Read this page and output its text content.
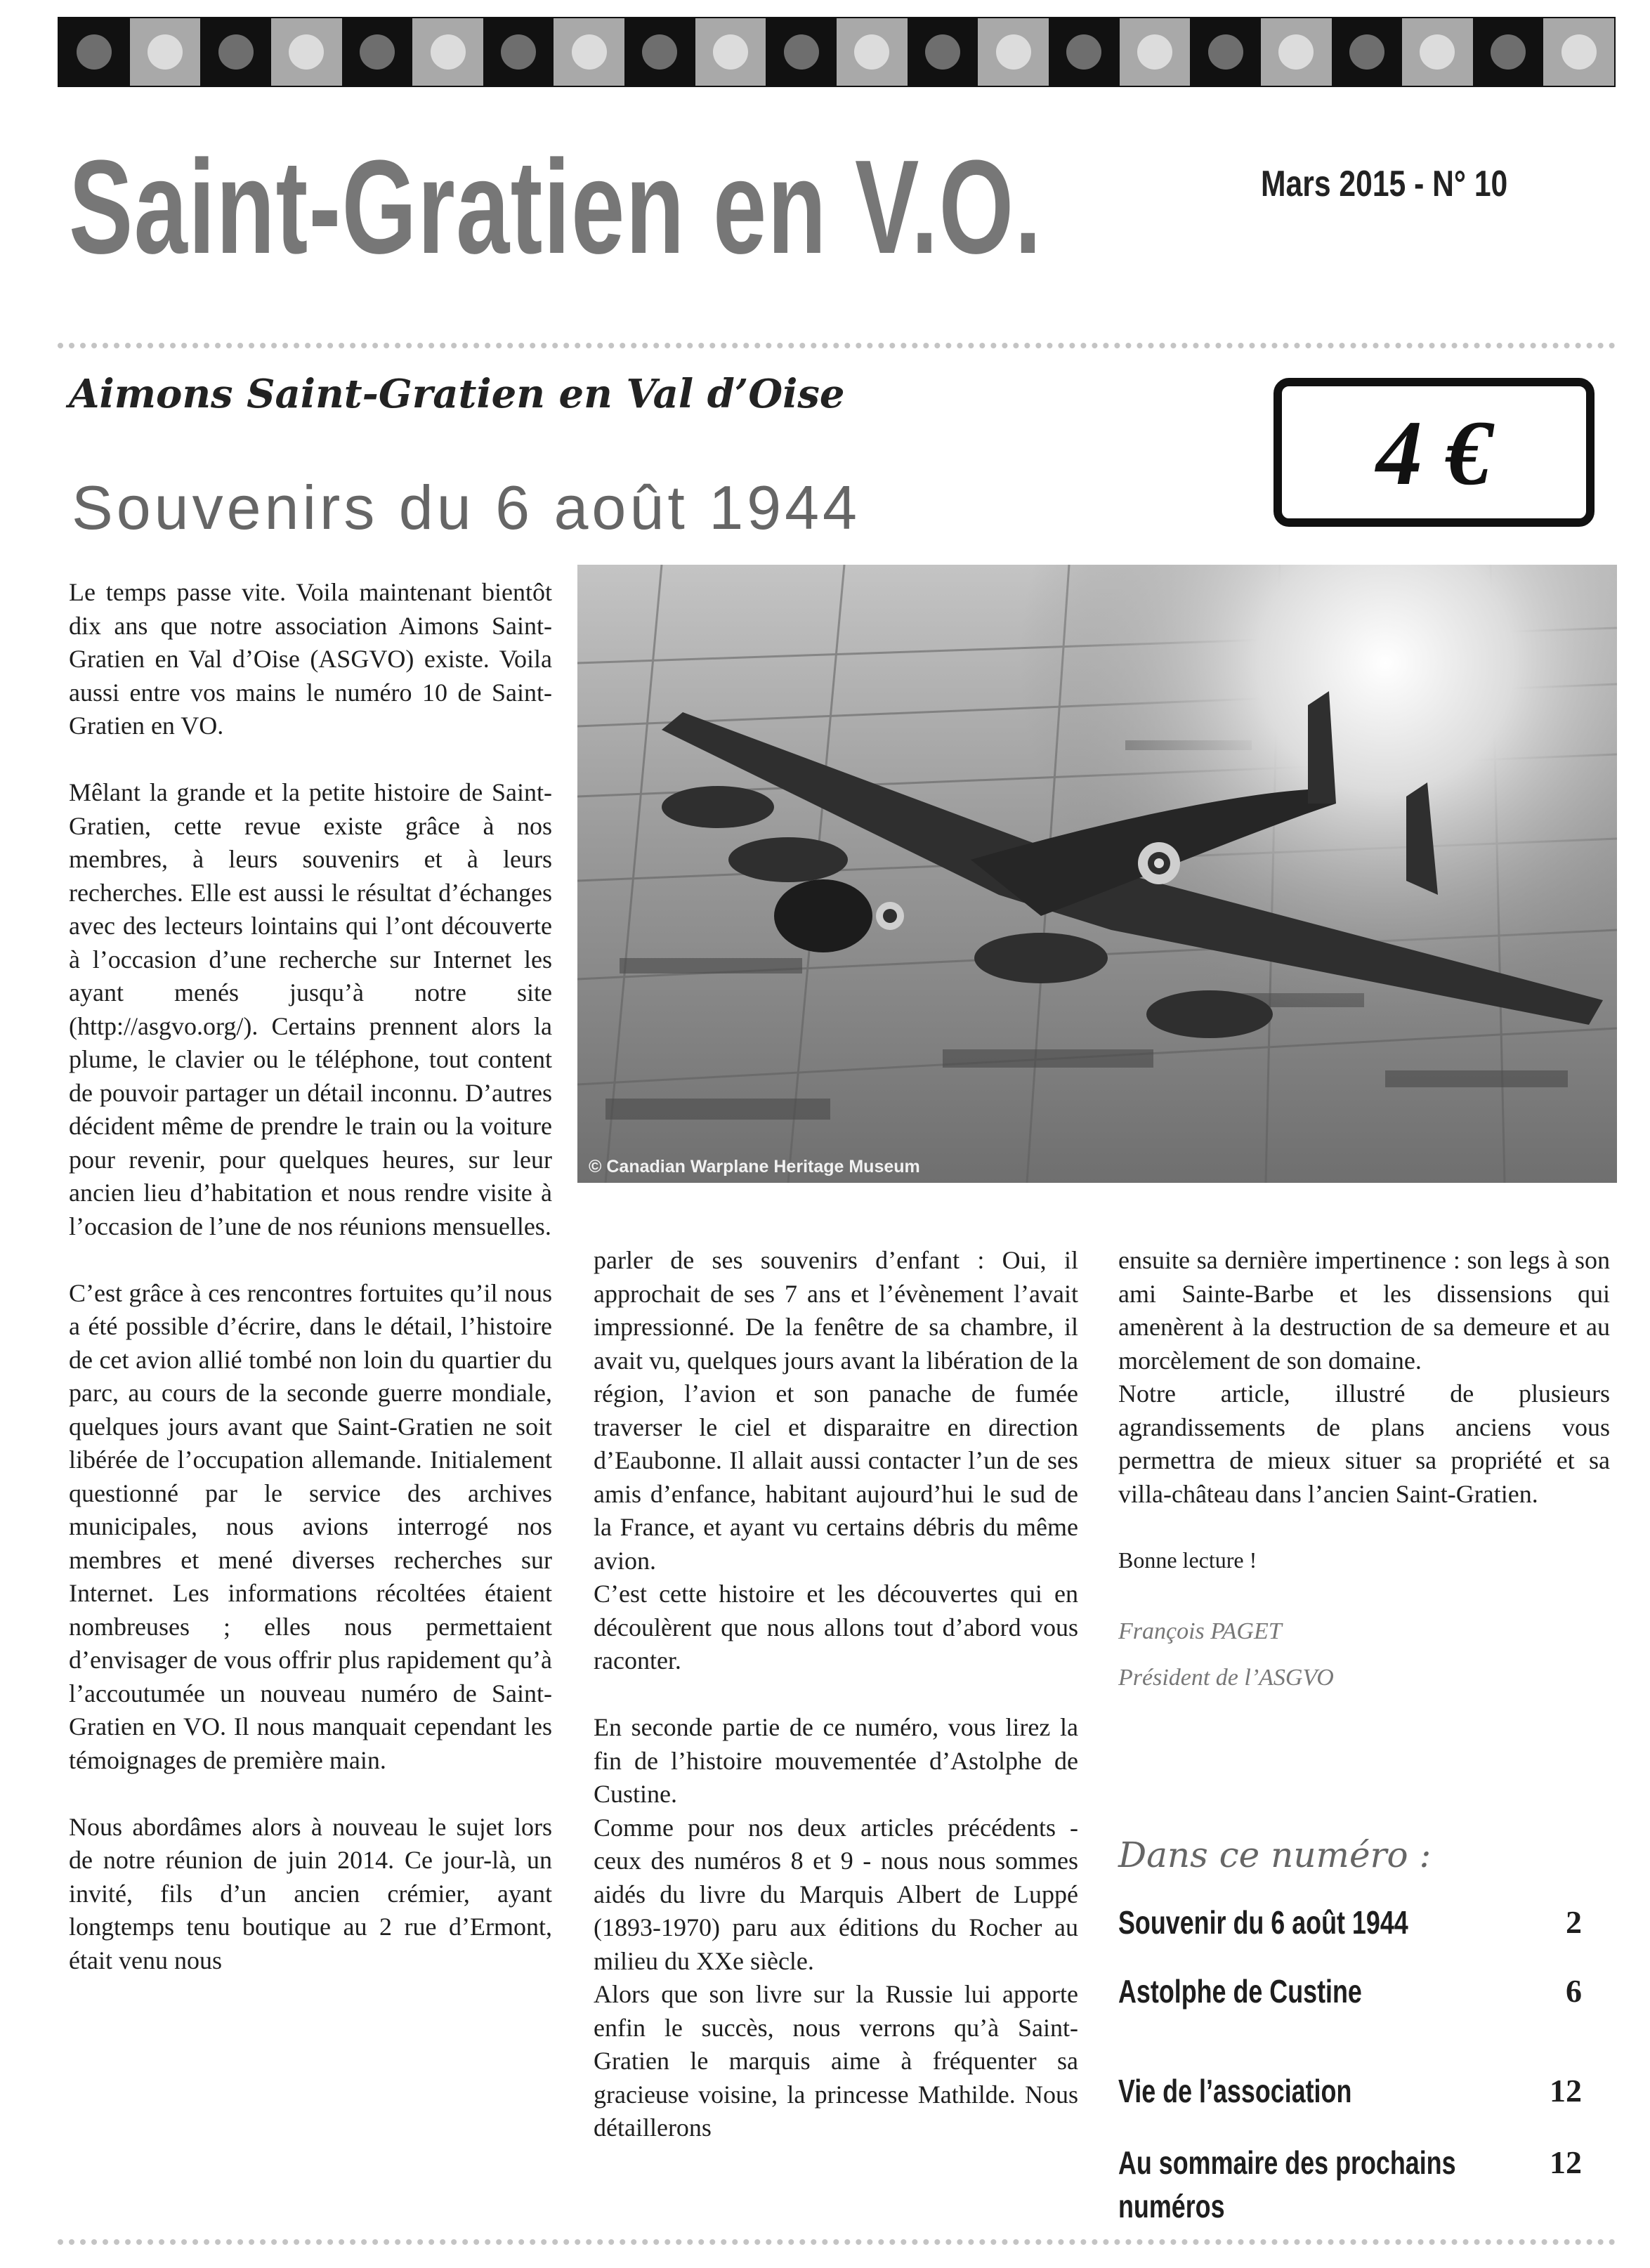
Saint-Gratien en V.O.	Mars 2015 - N° 10
Aimons Saint-Gratien en Val d’Oise
4 €
Souvenirs du 6 août 1944
© Canadian Warplane Heritage Museum

Le temps passe vite. Voila maintenant bientôt dix ans que notre association Aimons Saint-Gratien en Val d’Oise (ASGVO) existe. Voila aussi entre vos mains le numéro 10 de Saint-Gratien en VO.

Mêlant la grande et la petite histoire de Saint-Gratien, cette revue existe grâce à nos membres, à leurs souvenirs et à leurs recherches. Elle est aussi le résultat d’échanges avec des lecteurs lointains qui l’ont découverte à l’occasion d’une recherche sur Internet les ayant menés jusqu’à notre site (http://asgvo.org/). Certains prennent alors la plume, le clavier ou le téléphone, tout content de pouvoir partager un détail inconnu. D’autres décident même de prendre le train ou la voiture pour revenir, pour quelques heures, sur leur ancien lieu d’habitation et nous rendre visite à l’occasion de l’une de nos réunions mensuelles.

C’est grâce à ces rencontres fortuites qu’il nous a été possible d’écrire, dans le détail, l’histoire de cet avion allié tombé non loin du quartier du parc, au cours de la seconde guerre mondiale, quelques jours avant que Saint-Gratien ne soit libérée de l’occupation allemande. Initialement questionné par le service des archives municipales, nous avions interrogé nos membres et mené diverses recherches sur Internet. Les informations récoltées étaient nombreuses ; elles nous permettaient d’envisager de vous offrir plus rapidement qu’à l’accoutumée un nouveau numéro de Saint-Gratien en VO. Il nous manquait cependant les témoignages de première main.

Nous abordâmes alors à nouveau le sujet lors de notre réunion de juin 2014. Ce jour-là, un invité, fils d’un ancien crémier, ayant longtemps tenu boutique au 2 rue d’Ermont, était venu nous

parler de ses souvenirs d’enfant : Oui, il approchait de ses 7 ans et l’évènement l’avait impressionné. De la fenêtre de sa chambre, il avait vu, quelques jours avant la libération de la région, l’avion et son panache de fumée traverser le ciel et disparaitre en direction d’Eaubonne. Il allait aussi contacter l’un de ses amis d’enfance, habitant aujourd’hui le sud de la France, et ayant vu certains débris du même avion.

C’est cette histoire et les découvertes qui en découlèrent que nous allons tout d’abord vous raconter.

En seconde partie de ce numéro, vous lirez la fin de l’histoire mouvementée d’Astolphe de Custine.

Comme pour nos deux articles précédents - ceux des numéros 8 et 9 - nous nous sommes aidés du livre du Marquis Albert de Luppé (1893-1970) paru aux éditions du Rocher au milieu du XXe siècle.

Alors que son livre sur la Russie lui apporte enfin le succès, nous verrons qu’à Saint-Gratien le marquis aime à fréquenter sa gracieuse voisine, la princesse Mathilde. Nous détaillerons

ensuite sa dernière impertinence : son legs à son ami Sainte-Barbe et les dissensions qui amenèrent à la destruction de sa demeure et au morcèlement de son domaine.

Notre article, illustré de plusieurs agrandissements de plans anciens vous permettra de mieux situer sa propriété et sa villa-château dans l’ancien Saint-Gratien.

Bonne lecture !

François PAGET

Président de l’ASGVO

Dans ce numéro :
Souvenir du 6 août 1944	2
Astolphe de Custine	6
Vie de l’association	12
Au sommaire des prochains	12

numéros
